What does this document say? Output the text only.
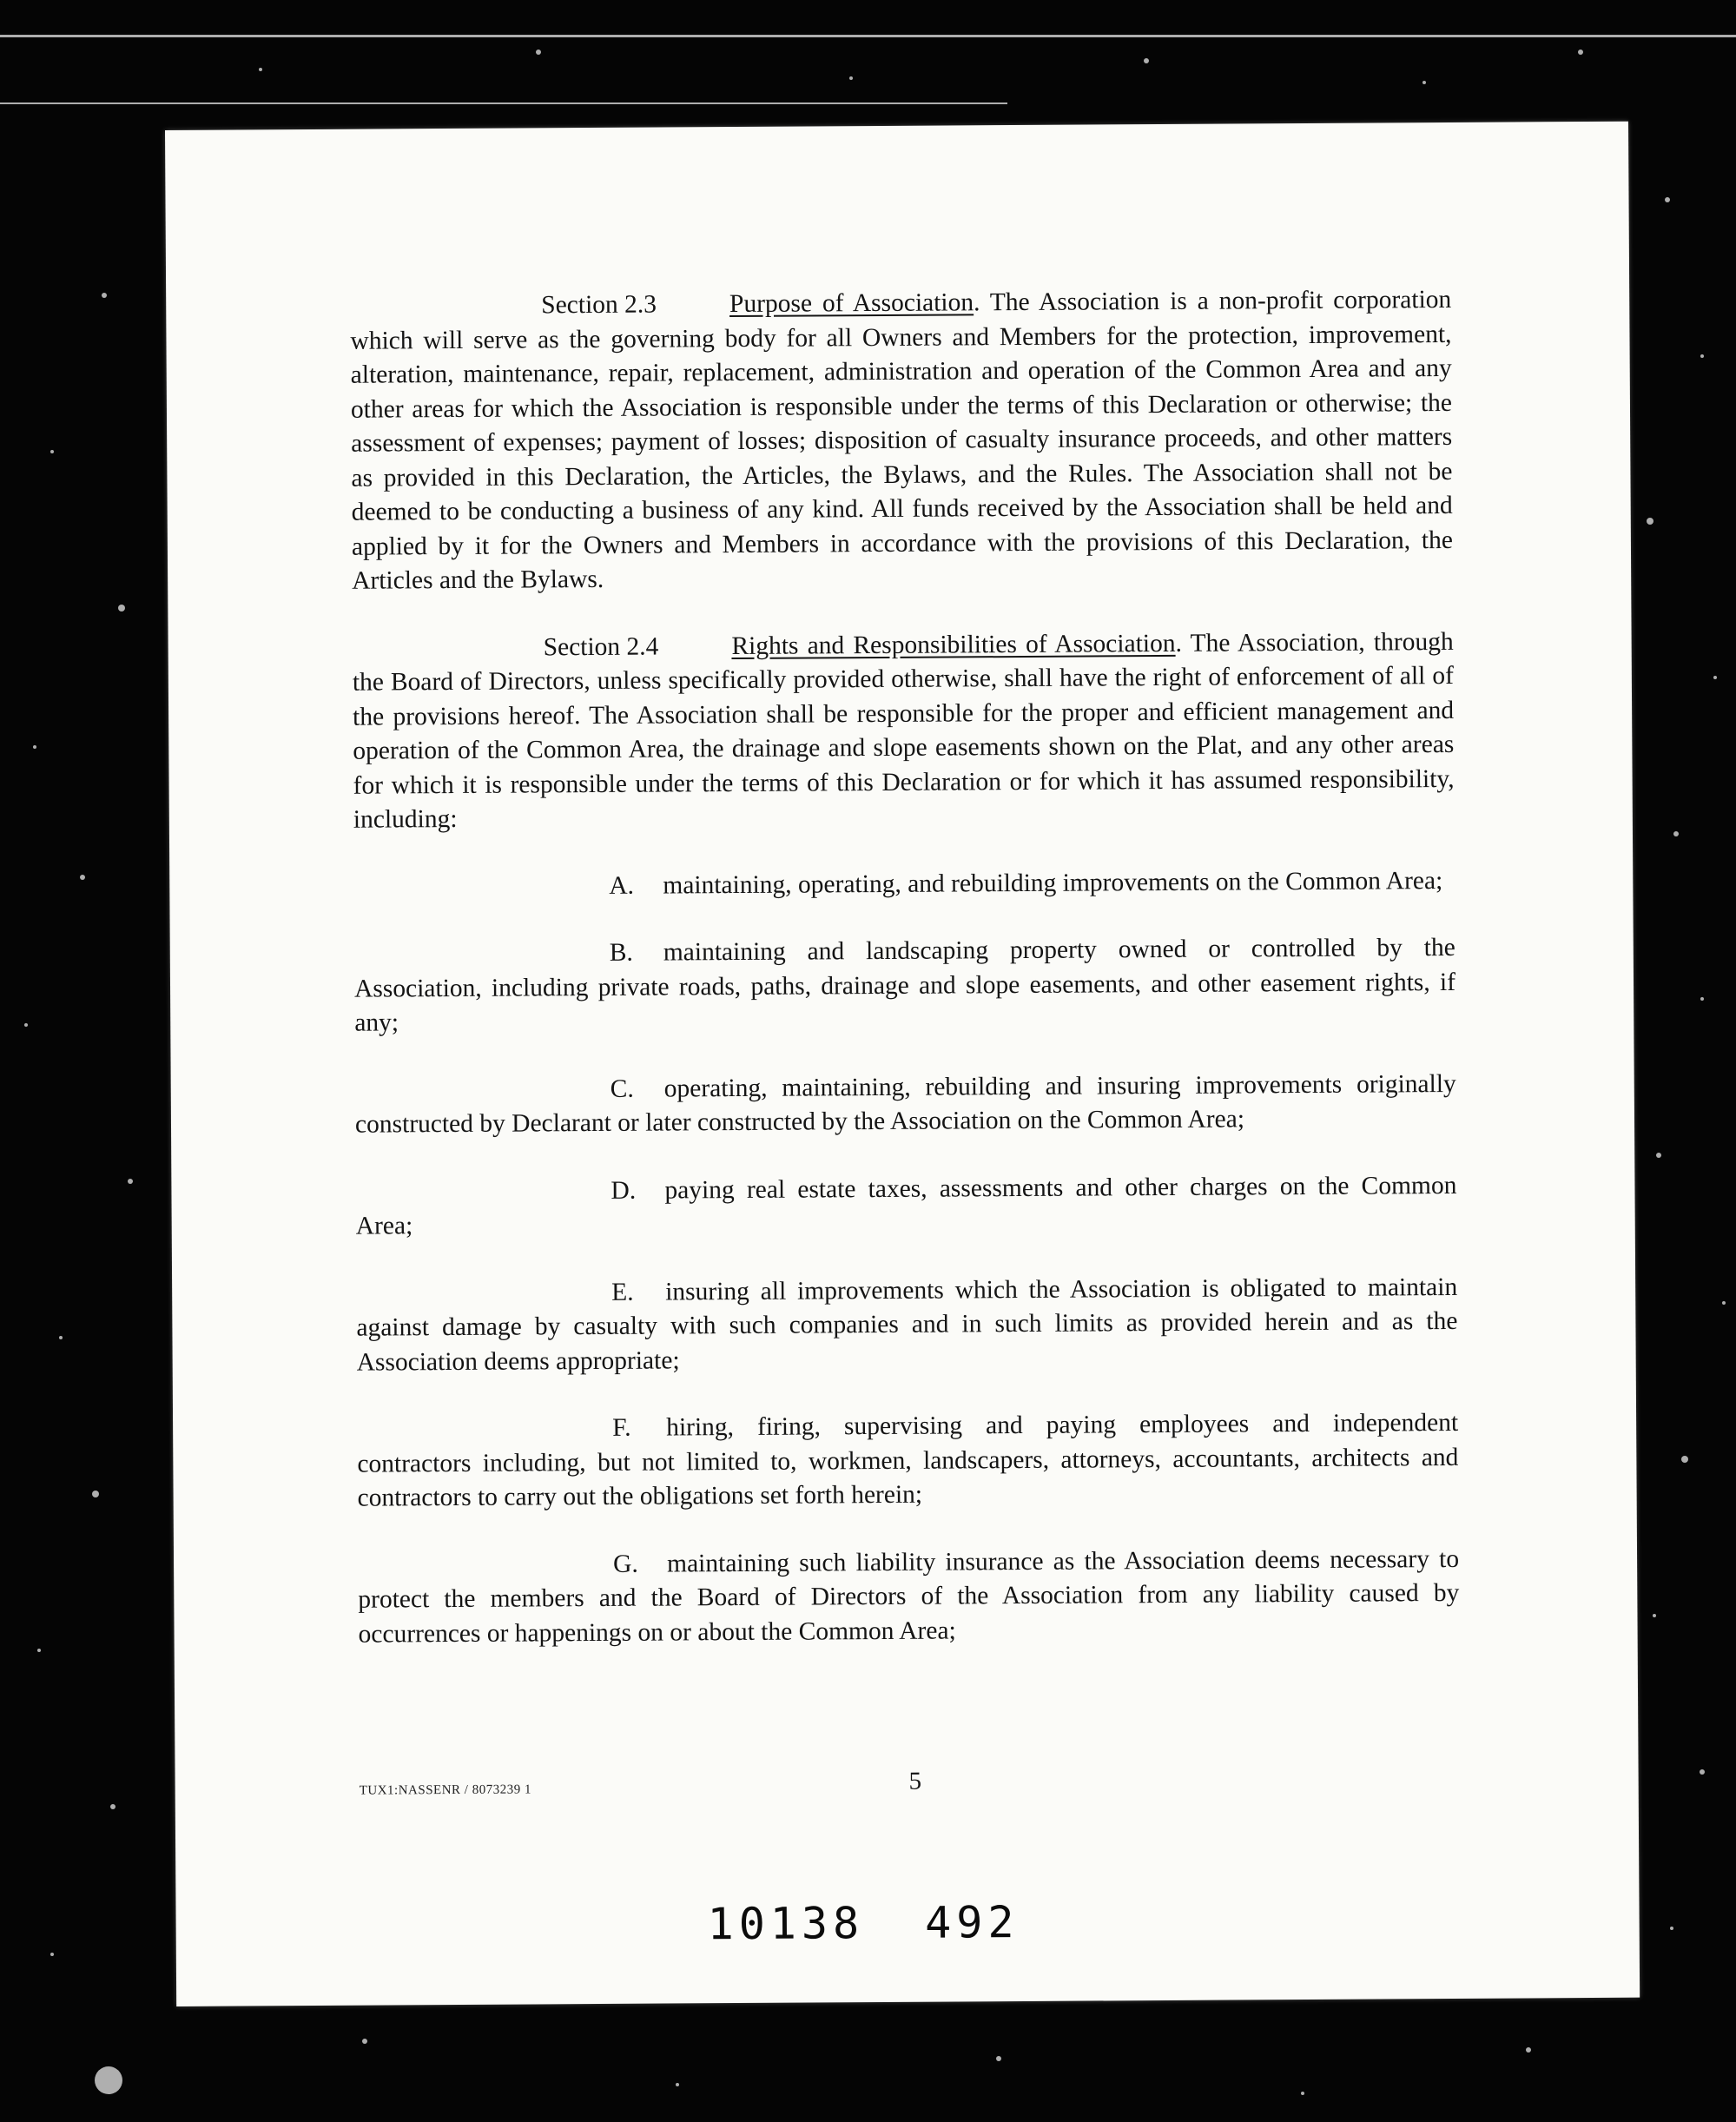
Section 2.3	Purpose of Association. The Association is a non-profit corporation which will serve as the governing body for all Owners and Members for the protection, improvement, alteration, maintenance, repair, replacement, administration and operation of the Common Area and any other areas for which the Association is responsible under the terms of this Declaration or otherwise; the assessment of expenses; payment of losses; disposition of casualty insurance proceeds, and other matters as provided in this Declaration, the Articles, the Bylaws, and the Rules. The Association shall not be deemed to be conducting a business of any kind. All funds received by the Association shall be held and applied by it for the Owners and Members in accordance with the provisions of this Declaration, the Articles and the Bylaws.

Section 2.4	Rights and Responsibilities of Association. The Association, through the Board of Directors, unless specifically provided otherwise, shall have the right of enforcement of all of the provisions hereof. The Association shall be responsible for the proper and efficient management and operation of the Common Area, the drainage and slope easements shown on the Plat, and any other areas for which it is responsible under the terms of this Declaration or for which it has assumed responsibility, including:

A. maintaining, operating, and rebuilding improvements on the Common Area;

B. maintaining and landscaping property owned or controlled by the Association, including private roads, paths, drainage and slope easements, and other easement rights, if any;

C. operating, maintaining, rebuilding and insuring improvements originally constructed by Declarant or later constructed by the Association on the Common Area;

D. paying real estate taxes, assessments and other charges on the Common Area;

E. insuring all improvements which the Association is obligated to maintain against damage by casualty with such companies and in such limits as provided herein and as the Association deems appropriate;

F. hiring, firing, supervising and paying employees and independent contractors including, but not limited to, workmen, landscapers, attorneys, accountants, architects and contractors to carry out the obligations set forth herein;

G. maintaining such liability insurance as the Association deems necessary to protect the members and the Board of Directors of the Association from any liability caused by occurrences or happenings on or about the Common Area;

TUX1:NASSENR / 8073239 1	5
10138 492
